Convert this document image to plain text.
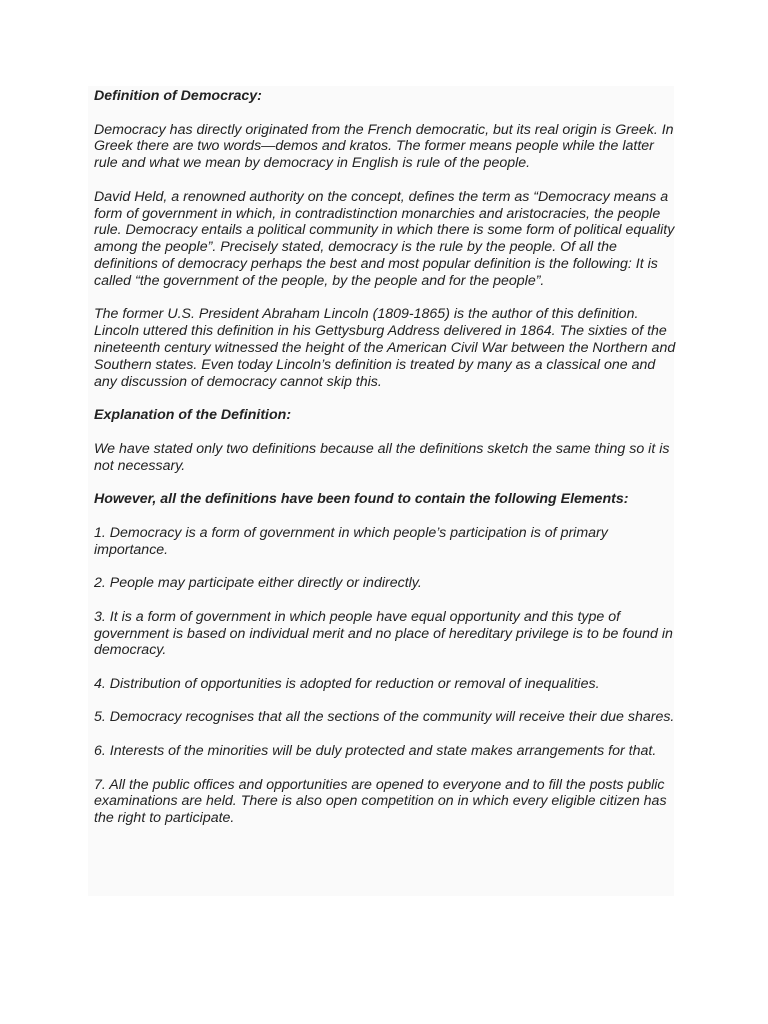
Definition of Democracy:

Democracy has directly originated from the French democratic, but its real origin is Greek. In Greek there are two words—demos and kratos. The former means people while the latter rule and what we mean by democracy in English is rule of the people.

David Held, a renowned authority on the concept, defines the term as “Democracy means a form of government in which, in contradistinction monarchies and aristocracies, the people rule. Democracy entails a political community in which there is some form of political equality among the people”. Precisely stated, democracy is the rule by the people. Of all the definitions of democracy perhaps the best and most popular definition is the following: It is called “the government of the people, by the people and for the people”.

The former U.S. President Abraham Lincoln (1809-1865) is the author of this definition. Lincoln uttered this definition in his Gettysburg Address delivered in 1864. The sixties of the nineteenth century witnessed the height of the American Civil War between the Northern and Southern states. Even today Lincoln’s definition is treated by many as a classical one and any discussion of democracy cannot skip this.

Explanation of the Definition:

We have stated only two definitions because all the definitions sketch the same thing so it is not necessary.

However, all the definitions have been found to contain the following Elements:

1. Democracy is a form of government in which people’s participation is of primary importance.

2. People may participate either directly or indirectly.

3. It is a form of government in which people have equal opportunity and this type of government is based on individual merit and no place of hereditary privilege is to be found in democracy.

4. Distribution of opportunities is adopted for reduction or removal of inequalities.

5. Democracy recognises that all the sections of the community will receive their due shares.

6. Interests of the minorities will be duly protected and state makes arrangements for that.

7. All the public offices and opportunities are opened to everyone and to fill the posts public examinations are held. There is also open competition on in which every eligible citizen has the right to participate.
